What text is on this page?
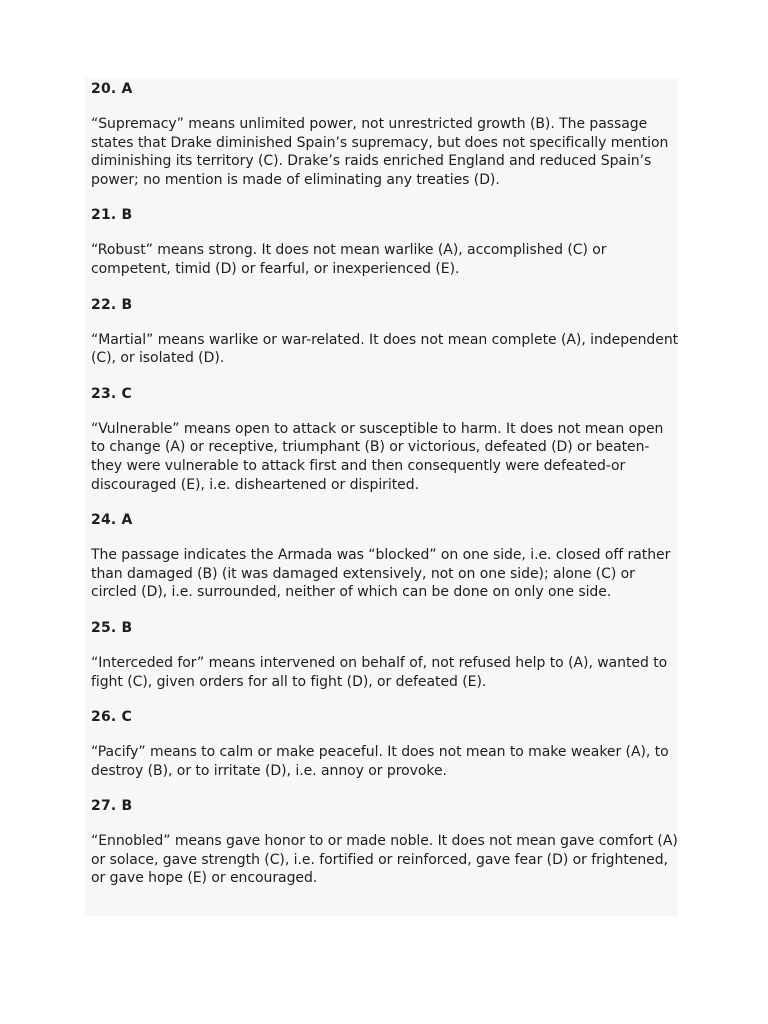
20. A

“Supremacy” means unlimited power, not unrestricted growth (B). The passage states that Drake diminished Spain’s supremacy, but does not specifically mention diminishing its territory (C). Drake’s raids enriched England and reduced Spain’s power; no mention is made of eliminating any treaties (D).

21. B

“Robust” means strong. It does not mean warlike (A), accomplished (C) or competent, timid (D) or fearful, or inexperienced (E).

22. B

“Martial” means warlike or war-related. It does not mean complete (A), independent (C), or isolated (D).

23. C

“Vulnerable” means open to attack or susceptible to harm. It does not mean open to change (A) or receptive, triumphant (B) or victorious, defeated (D) or beaten- they were vulnerable to attack first and then consequently were defeated-or discouraged (E), i.e. disheartened or dispirited.

24. A

The passage indicates the Armada was “blocked” on one side, i.e. closed off rather than damaged (B) (it was damaged extensively, not on one side); alone (C) or circled (D), i.e. surrounded, neither of which can be done on only one side.

25. B

“Interceded for” means intervened on behalf of, not refused help to (A), wanted to fight (C), given orders for all to fight (D), or defeated (E).

26. C

“Pacify” means to calm or make peaceful. It does not mean to make weaker (A), to destroy (B), or to irritate (D), i.e. annoy or provoke.

27. B

“Ennobled” means gave honor to or made noble. It does not mean gave comfort (A) or solace, gave strength (C), i.e. fortified or reinforced, gave fear (D) or frightened, or gave hope (E) or encouraged.
